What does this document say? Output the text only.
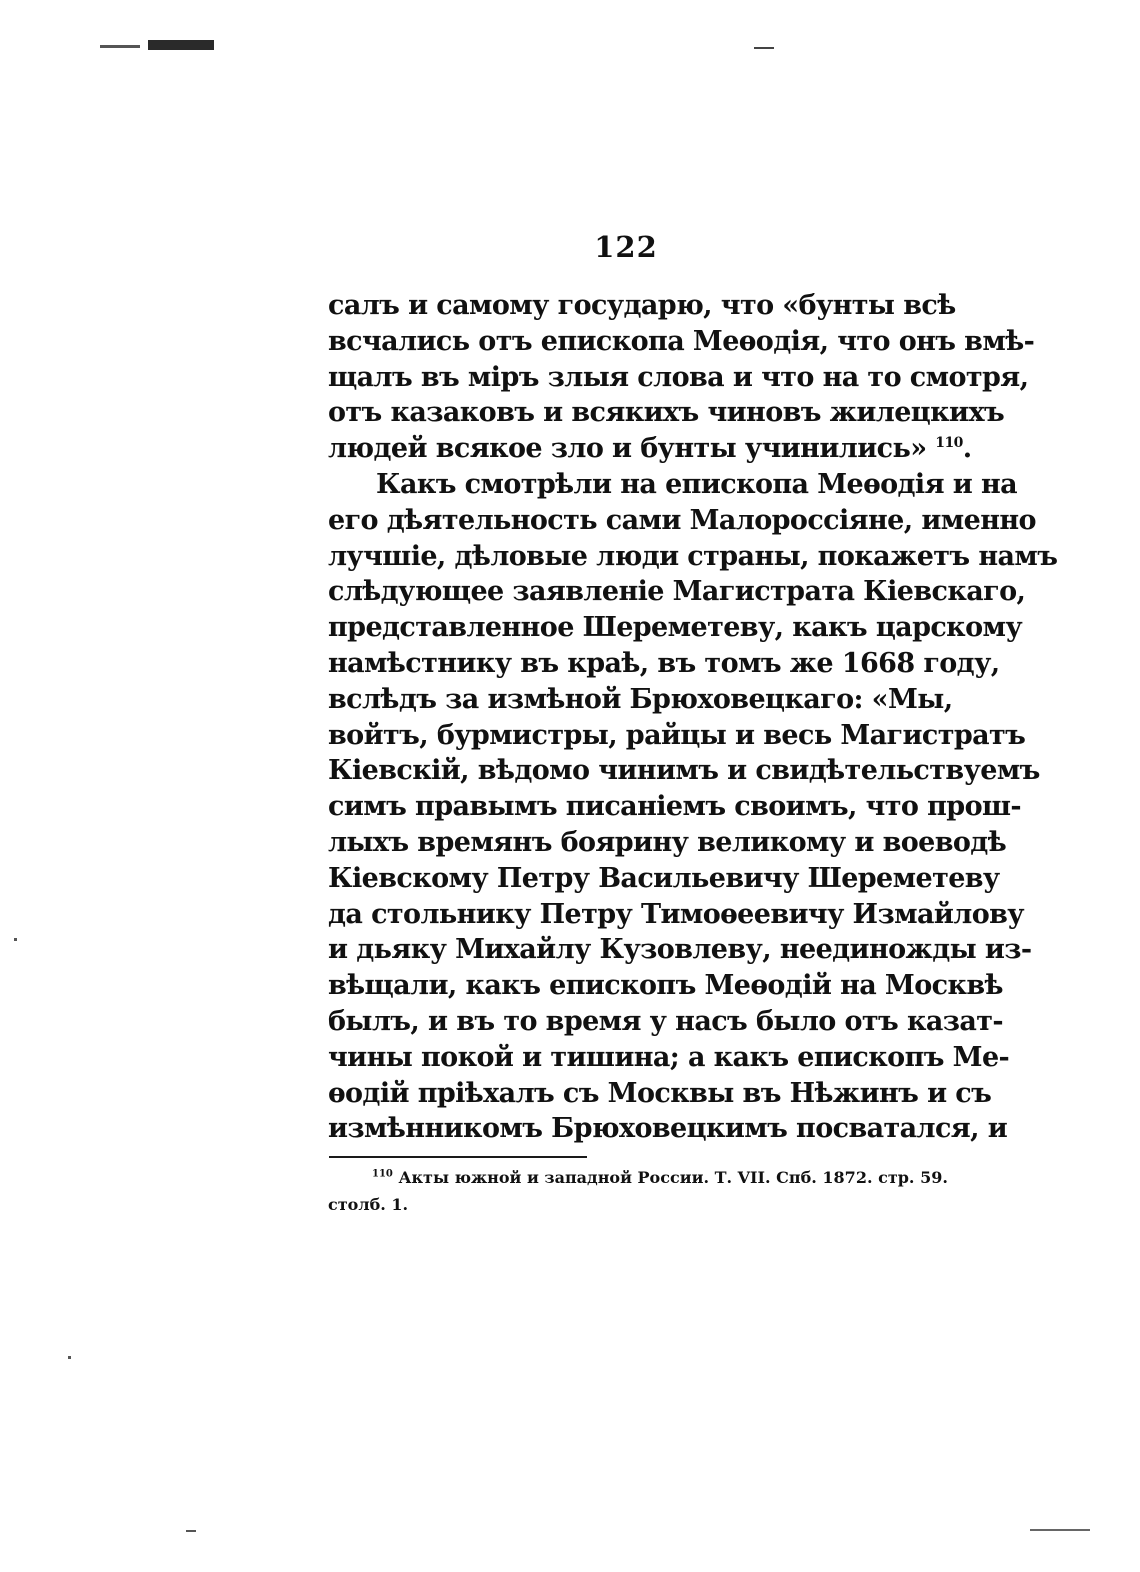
122
салъ и самому государю, что «бунты всѣ
всчались отъ епископа Меѳодія, что онъ вмѣ-
щалъ въ міръ злыя слова и что на то смотря,
отъ казаковъ и всякихъ чиновъ жилецкихъ
людей всякое зло и бунты учинились» $^{110}$.
Какъ смотрѣли на епископа Меѳодія и на
его дѣятельность сами Малороссіяне, именно
лучшіе, дѣловые люди страны, покажетъ намъ
слѣдующее заявленіе Магистрата Кіевскаго,
представленное Шереметеву, какъ царскому
намѣстнику въ краѣ, въ томъ же 1668 году,
вслѣдъ за измѣной Брюховецкаго: «Мы,
войтъ, бурмистры, райцы и весь Магистратъ
Кіевскій, вѣдомо чинимъ и свидѣтельствуемъ
симъ правымъ писаніемъ своимъ, что прош-
лыхъ времянъ боярину великому и воеводѣ
Кіевскому Петру Васильевичу Шереметеву
да стольнику Петру Тимоѳеевичу Измайлову
и дьяку Михайлу Кузовлеву, неединожды из-
вѣщали, какъ епископъ Меѳодій на Москвѣ
былъ, и въ то время у насъ было отъ казат-
чины покой и тишина; а какъ епископъ Ме-
ѳодій пріѣхалъ съ Москвы въ Нѣжинъ и съ
измѣнникомъ Брюховецкимъ посватался, и
$^{110}$ Акты южной и западной России. Т. VII. Спб. 1872. стр. 59.
столб. 1.
